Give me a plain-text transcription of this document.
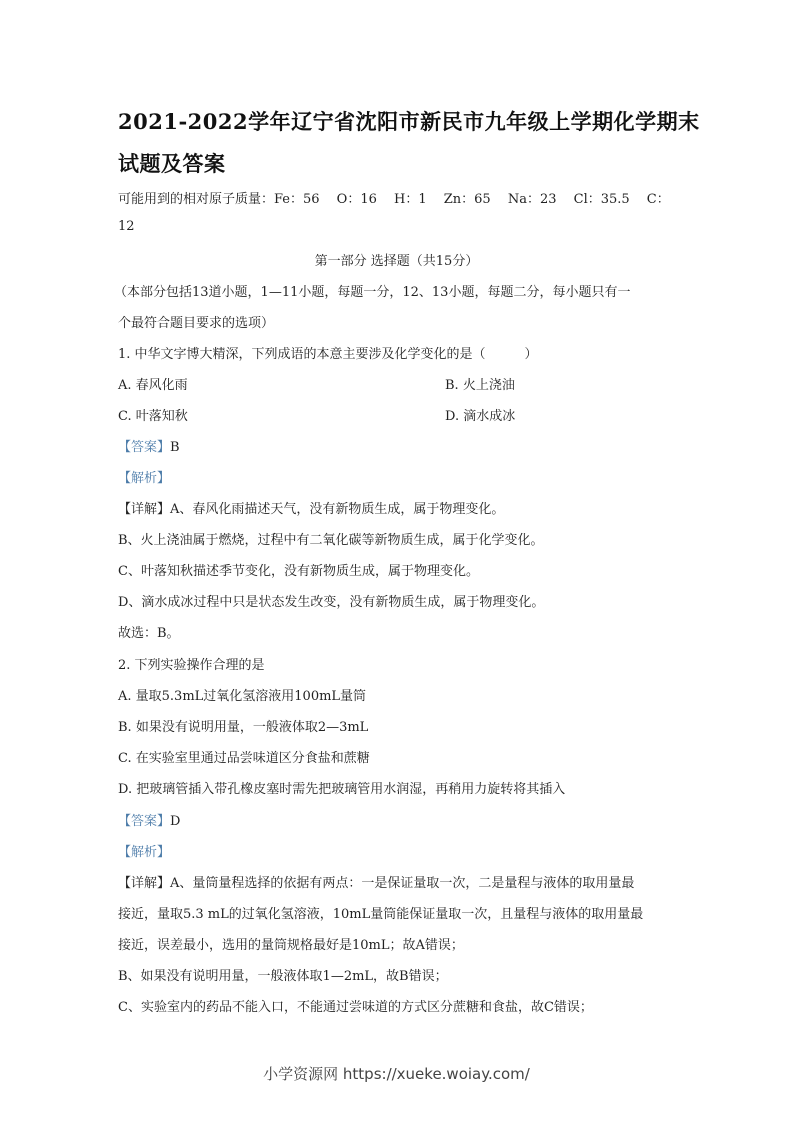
2021-2022学年辽宁省沈阳市新民市九年级上学期化学期末
试题及答案
可能用到的相对原子质量：Fe：56　 O：16　 H：1　 Zn：65　 Na：23　 Cl：35.5　 C：
12
第一部分 选择题（共15分）
（本部分包括13道小题，1—11小题，每题一分，12、13小题，每题二分，每小题只有一
个最符合题目要求的选项）
1. 中华文字博大精深，下列成语的本意主要涉及化学变化的是（　　　）
A. 春风化雨	B. 火上浇油
C. 叶落知秋	D. 滴水成冰
【答案】B
【解析】
【详解】A、春风化雨描述天气，没有新物质生成，属于物理变化。
B、火上浇油属于燃烧，过程中有二氧化碳等新物质生成，属于化学变化。
C、叶落知秋描述季节变化，没有新物质生成，属于物理变化。
D、滴水成冰过程中只是状态发生改变，没有新物质生成，属于物理变化。
故选：B。
2. 下列实验操作合理的是
A. 量取5.3mL过氧化氢溶液用100mL量筒
B. 如果没有说明用量，一般液体取2—3mL
C. 在实验室里通过品尝味道区分食盐和蔗糖
D. 把玻璃管插入带孔橡皮塞时需先把玻璃管用水润湿，再稍用力旋转将其插入
【答案】D
【解析】
【详解】A、量筒量程选择的依据有两点：一是保证量取一次，二是量程与液体的取用量最
接近，量取5.3 mL的过氧化氢溶液，10mL量筒能保证量取一次，且量程与液体的取用量最
接近，误差最小，选用的量筒规格最好是10mL；故A错误；
B、如果没有说明用量，一般液体取1—2mL，故B错误；
C、实验室内的药品不能入口，不能通过尝味道的方式区分蔗糖和食盐，故C错误；
小学资源网 https://xueke.woiay.com/
